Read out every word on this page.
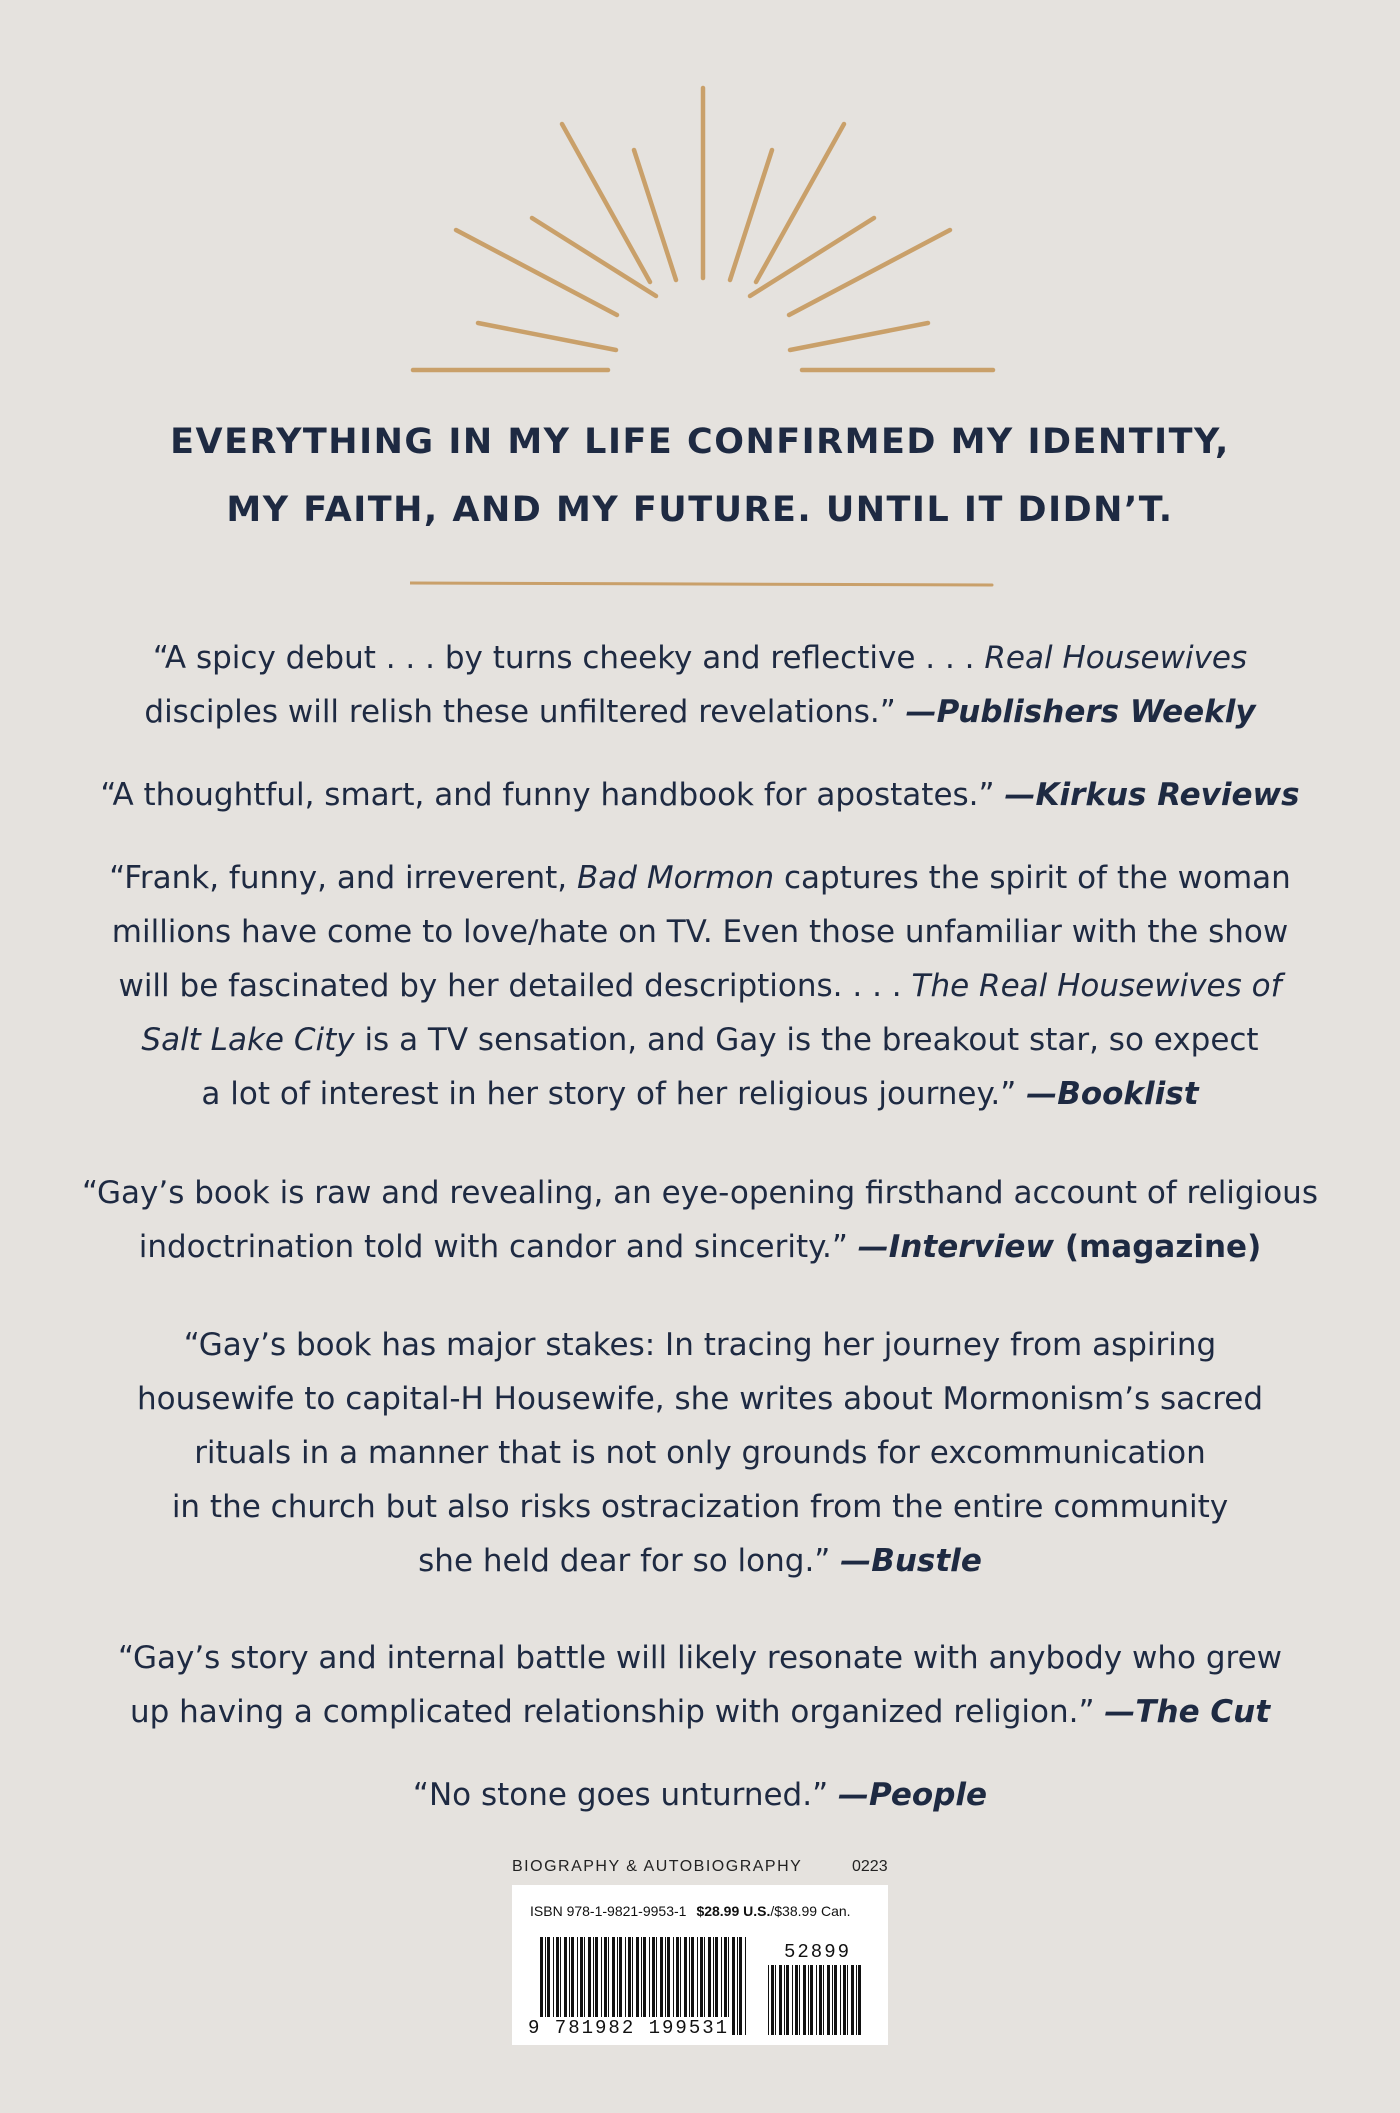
EVERYTHING IN MY LIFE CONFIRMED MY IDENTITY,
MY FAITH, AND MY FUTURE. UNTIL IT DIDN’T.
“A spicy debut . . . by turns cheeky and reflective . . . Real Housewives
disciples will relish these unfiltered revelations.” —Publishers Weekly
“A thoughtful, smart, and funny handbook for apostates.” —Kirkus Reviews
“Frank, funny, and irreverent, Bad Mormon captures the spirit of the woman
millions have come to love/hate on TV. Even those unfamiliar with the show
will be fascinated by her detailed descriptions. . . . The Real Housewives of
Salt Lake City is a TV sensation, and Gay is the breakout star, so expect
a lot of interest in her story of her religious journey.” —Booklist
“Gay’s book is raw and revealing, an eye-opening firsthand account of religious
indoctrination told with candor and sincerity.” —Interview (magazine)
“Gay’s book has major stakes: In tracing her journey from aspiring
housewife to capital-H Housewife, she writes about Mormonism’s sacred
rituals in a manner that is not only grounds for excommunication
in the church but also risks ostracization from the entire community
she held dear for so long.” —Bustle
“Gay’s story and internal battle will likely resonate with anybody who grew
up having a complicated relationship with organized religion.” —The Cut
“No stone goes unturned.” —People
BIOGRAPHY & AUTOBIOGRAPHY	0223
ISBN 978-1-9821-9953-1 $28.99 U.S./$38.99 Can.
9 781982 199531
52899
